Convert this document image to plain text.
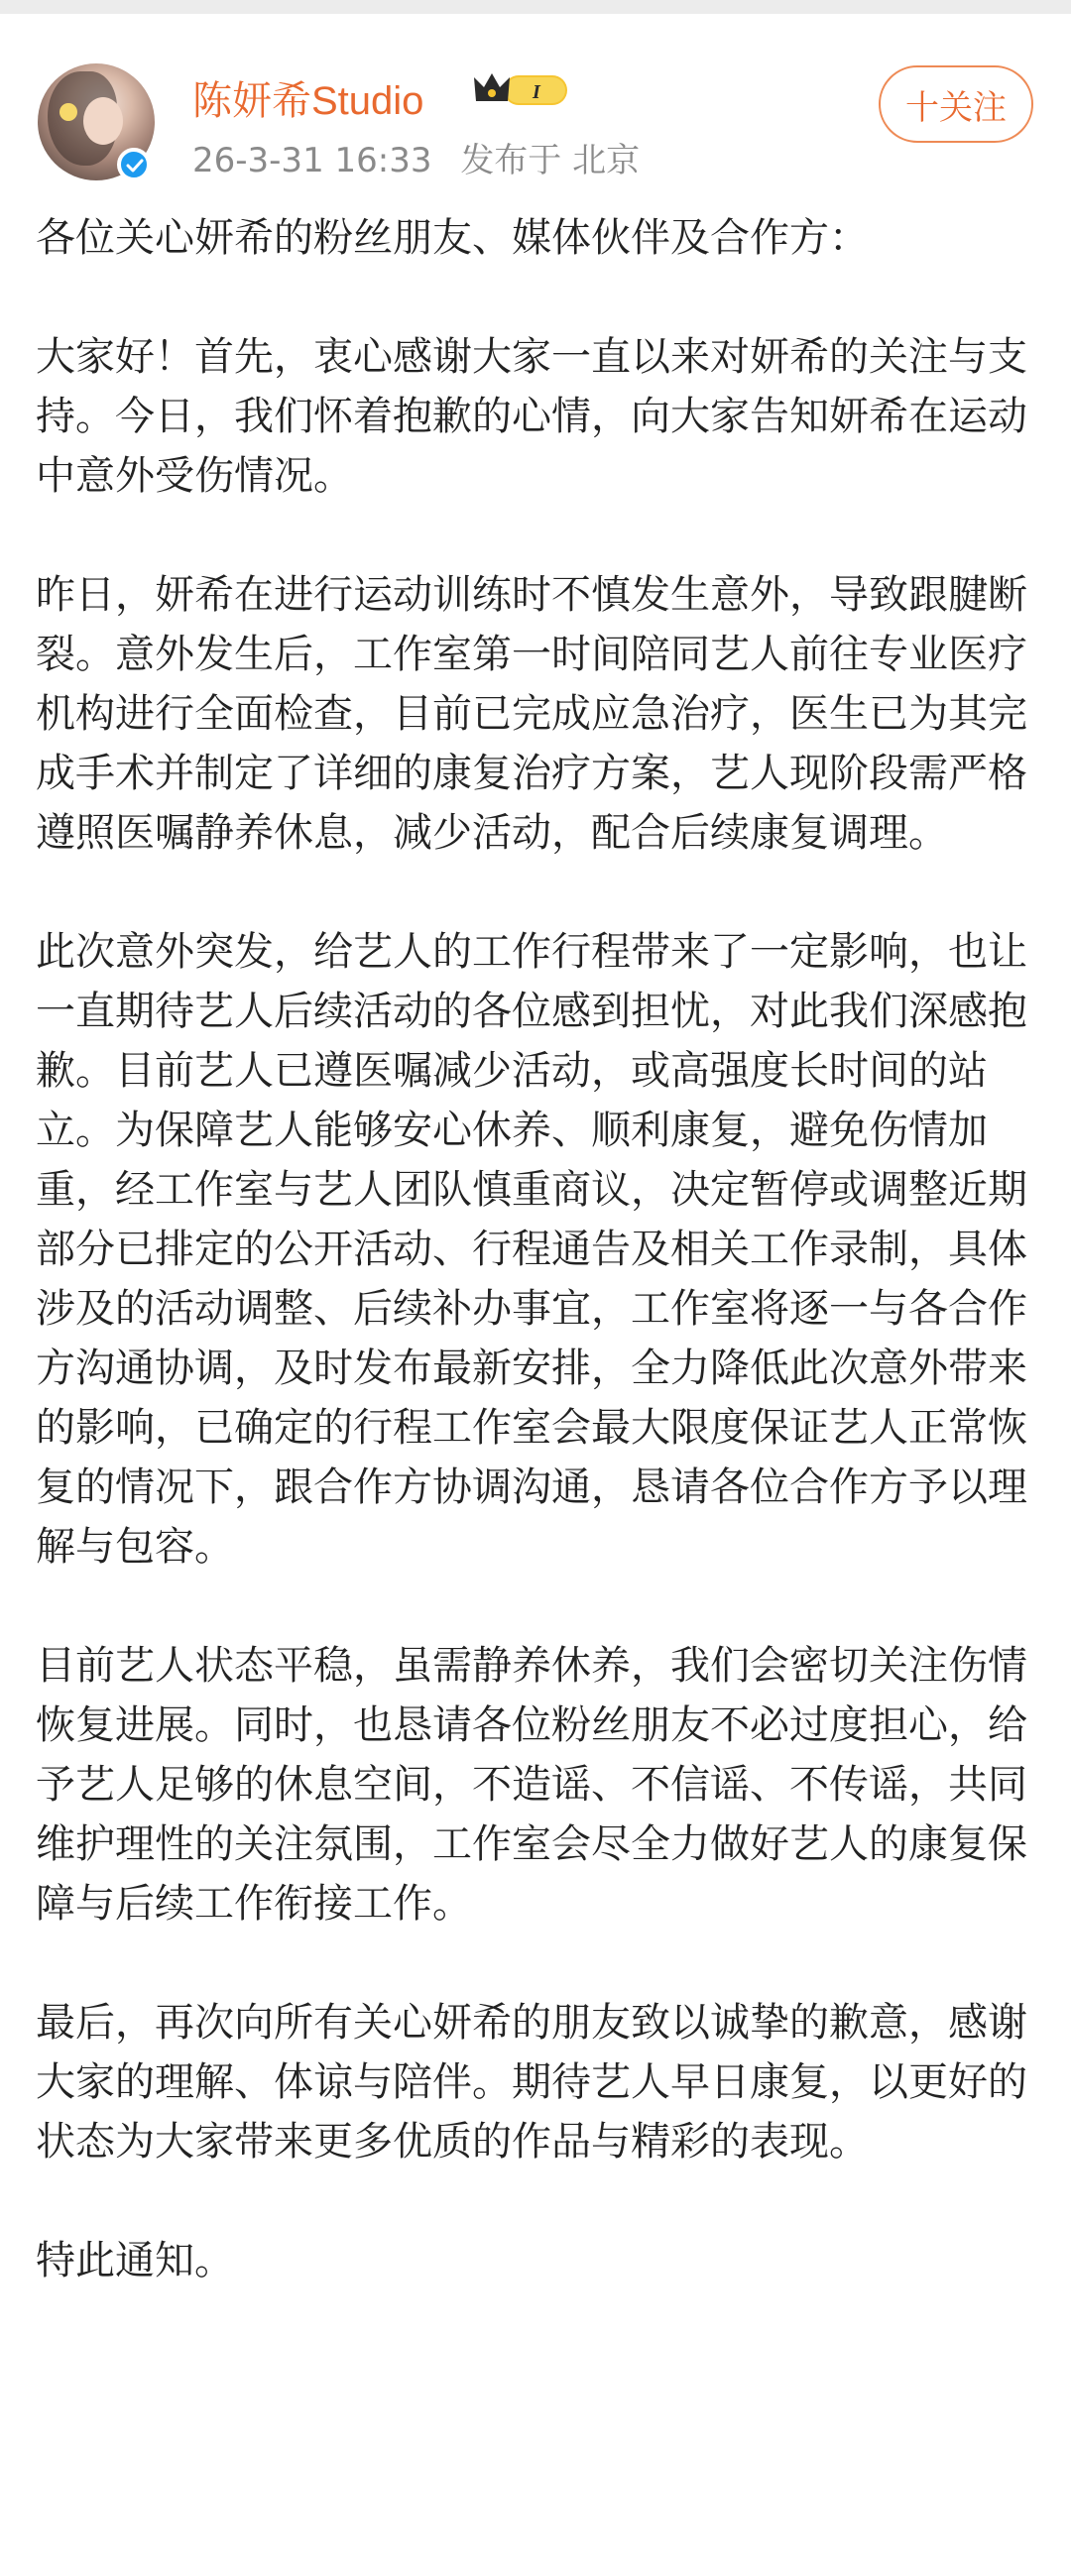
陈妍希Studio	I
26-3-31 16:33 发布于 北京
十关注

各位关心妍希的粉丝朋友、媒体伙伴及合作方：

大家好！首先，衷心感谢大家一直以来对妍希的关注与支持。今日，我们怀着抱歉的心情，向大家告知妍希在运动中意外受伤情况。

昨日，妍希在进行运动训练时不慎发生意外，导致跟腱断裂。意外发生后，工作室第一时间陪同艺人前往专业医疗机构进行全面检查，目前已完成应急治疗，医生已为其完成手术并制定了详细的康复治疗方案，艺人现阶段需严格遵照医嘱静养休息，减少活动，配合后续康复调理。

此次意外突发，给艺人的工作行程带来了一定影响，也让一直期待艺人后续活动的各位感到担忧，对此我们深感抱歉。目前艺人已遵医嘱减少活动，或高强度长时间的站立。为保障艺人能够安心休养、顺利康复，避免伤情加重，经工作室与艺人团队慎重商议，决定暂停或调整近期部分已排定的公开活动、行程通告及相关工作录制，具体涉及的活动调整、后续补办事宜，工作室将逐一与各合作方沟通协调，及时发布最新安排，全力降低此次意外带来的影响，已确定的行程工作室会最大限度保证艺人正常恢复的情况下，跟合作方协调沟通，恳请各位合作方予以理解与包容。

目前艺人状态平稳，虽需静养休养，我们会密切关注伤情恢复进展。同时，也恳请各位粉丝朋友不必过度担心，给予艺人足够的休息空间，不造谣、不信谣、不传谣，共同维护理性的关注氛围，工作室会尽全力做好艺人的康复保障与后续工作衔接工作。

最后，再次向所有关心妍希的朋友致以诚挚的歉意，感谢大家的理解、体谅与陪伴。期待艺人早日康复，以更好的状态为大家带来更多优质的作品与精彩的表现。

特此通知。
